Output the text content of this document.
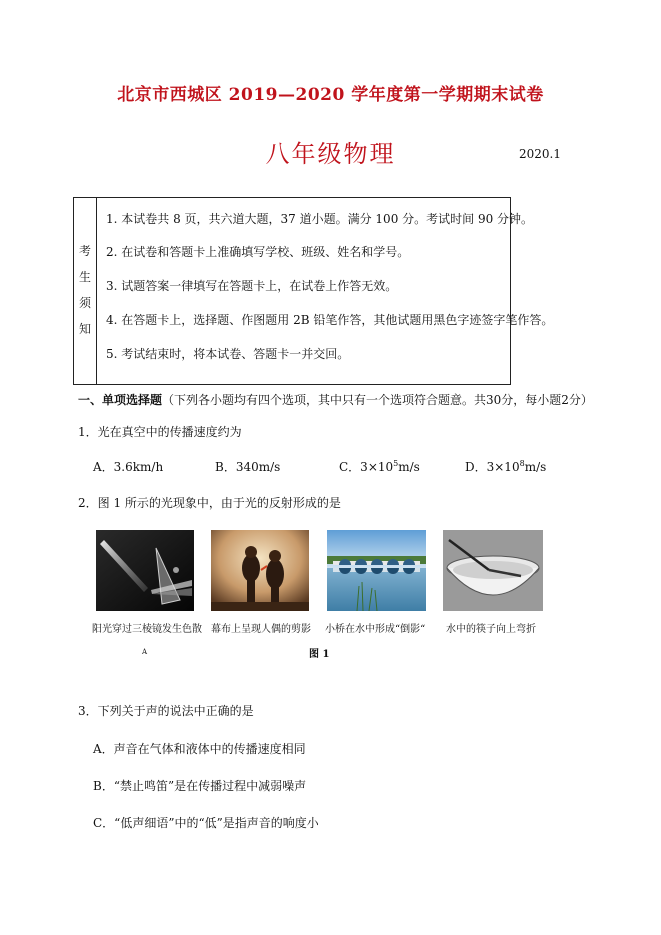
北京市西城区 2019—2020 学年度第一学期期末试卷
八年级物理	2020.1
考
生
须
知
1. 本试卷共 8 页，共六道大题，37 道小题。满分 100 分。考试时间 90 分钟。
2. 在试卷和答题卡上准确填写学校、班级、姓名和学号。
3. 试题答案一律填写在答题卡上，在试卷上作答无效。
4. 在答题卡上，选择题、作图题用 2B 铅笔作答，其他试题用黑色字迹签字笔作答。
5. 考试结束时，将本试卷、答题卡一并交回。
一、单项选择题（下列各小题均有四个选项，其中只有一个选项符合题意。共30分，每小题2分）
1．光在真空中的传播速度约为
A．3.6km/h	B．340m/s	C．$3\times 10^5m/s$	D．$3\times 10^8m/s$
2．图 1 所示的光现象中，由于光的反射形成的是
阳光穿过三棱镜发生色散 幕布上呈现人偶的剪影 小桥在水中形成“倒影“ 水中的筷子向上弯折
A	图 1
3．下列关于声的说法中正确的是
A．声音在气体和液体中的传播速度相同
B．“禁止鸣笛”是在传播过程中减弱噪声
C．“低声细语”中的“低”是指声音的响度小
